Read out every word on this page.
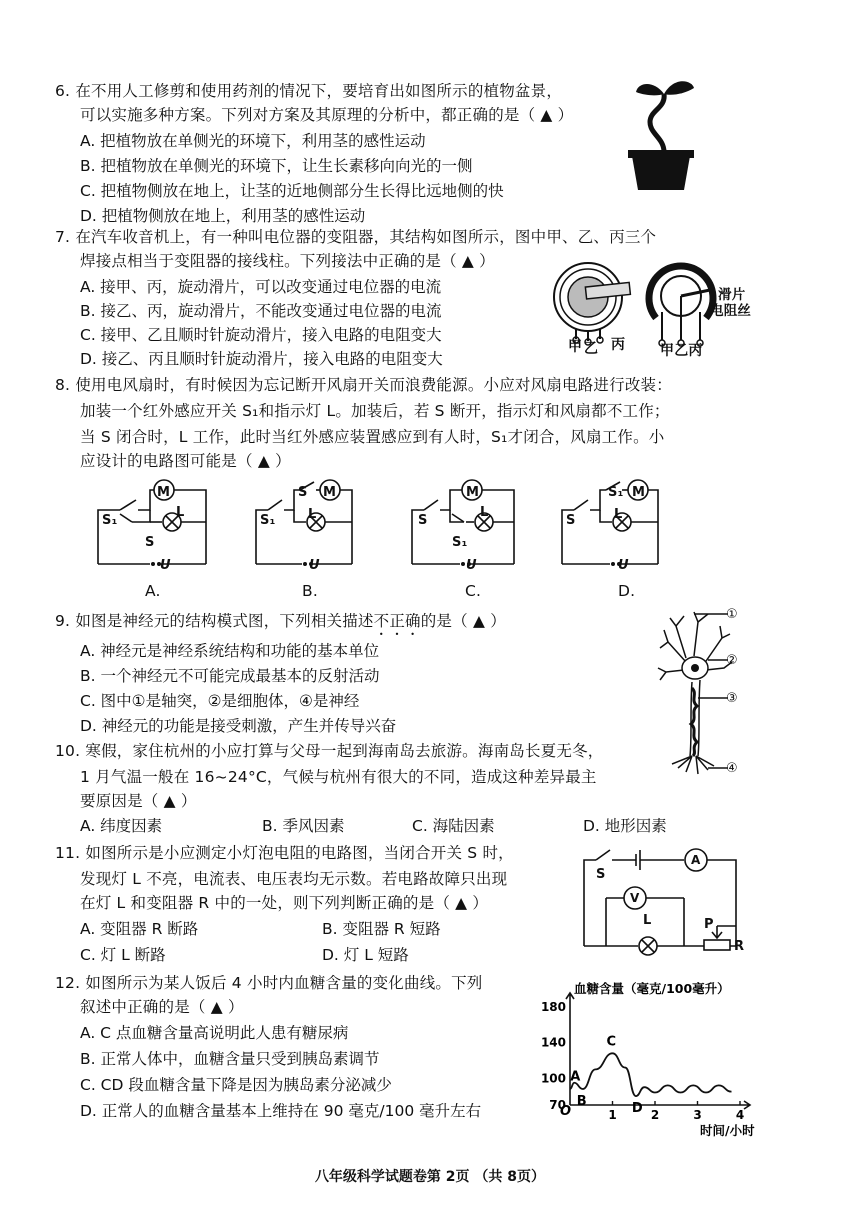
6. 在不用人工修剪和使用药剂的情况下，要培育出如图所示的植物盆景，
可以实施多种方案。下列对方案及其原理的分析中，都正确的是（ ▲ ）
A. 把植物放在单侧光的环境下，利用茎的感性运动
B. 把植物放在单侧光的环境下，让生长素移向向光的一侧
C. 把植物侧放在地上，让茎的近地侧部分生长得比远地侧的快
D. 把植物侧放在地上，利用茎的感性运动
7. 在汽车收音机上，有一种叫电位器的变阻器，其结构如图所示，图中甲、乙、丙三个
焊接点相当于变阻器的接线柱。下列接法中正确的是（ ▲ ）
A. 接甲、丙，旋动滑片，可以改变通过电位器的电流
B. 接乙、丙，旋动滑片，不能改变通过电位器的电流
C. 接甲、乙且顺时针旋动滑片，接入电路的电阻变大
D. 接乙、丙且顺时针旋动滑片，接入电路的电阻变大
甲 乙 丙
滑片
电阻丝
甲乙丙
8. 使用电风扇时，有时候因为忘记断开风扇开关而浪费能源。小应对风扇电路进行改装：
加装一个红外感应开关 S₁和指示灯 L。加装后，若 S 断开，指示灯和风扇都不工作；
当 S 闭合时，L 工作，此时当红外感应装置感应到有人时，S₁才闭合，风扇工作。小
应设计的电路图可能是（ ▲ ）
M
S₁
S
L
U
A.
M
S
S₁	L
U
B.
M
S
S₁
L
U
C.
M
S₁
S	L
U
D.
9. 如图是神经元的结构模式图，下列相关描述不正确的是（ ▲ ）
A. 神经元是神经系统结构和功能的基本单位
B. 一个神经元不可能完成最基本的反射活动
C. 图中①是轴突，②是细胞体，④是神经
D. 神经元的功能是接受刺激，产生并传导兴奋
①
②
③
④
10. 寒假，家住杭州的小应打算与父母一起到海南岛去旅游。海南岛长夏无冬，
1 月气温一般在 16~24°C，气候与杭州有很大的不同，造成这种差异最主
要原因是（ ▲ ）
A. 纬度因素	B. 季风因素	C. 海陆因素	D. 地形因素
11. 如图所示是小应测定小灯泡电阻的电路图，当闭合开关 S 时，
发现灯 L 不亮，电流表、电压表均无示数。若电路故障只出现
在灯 L 和变阻器 R 中的一处，则下列判断正确的是（ ▲ ）
A. 变阻器 R 断路	B. 变阻器 R 短路
C. 灯 L 断路	D. 灯 L 短路
S
A
V
L	P
R
12. 如图所示为某人饭后 4 小时内血糖含量的变化曲线。下列
叙述中正确的是（ ▲ ）
A. C 点血糖含量高说明此人患有糖尿病
B. 正常人体中，血糖含量只受到胰岛素调节
C. CD 段血糖含量下降是因为胰岛素分泌减少
D. 正常人的血糖含量基本上维持在 90 毫克/100 毫升左右
血糖含量（毫克/100毫升）
时间/小时
O
70
100
140
180
1	2	3	4
A
B
C
D
八年级科学试题卷第 2页 （共 8页）
